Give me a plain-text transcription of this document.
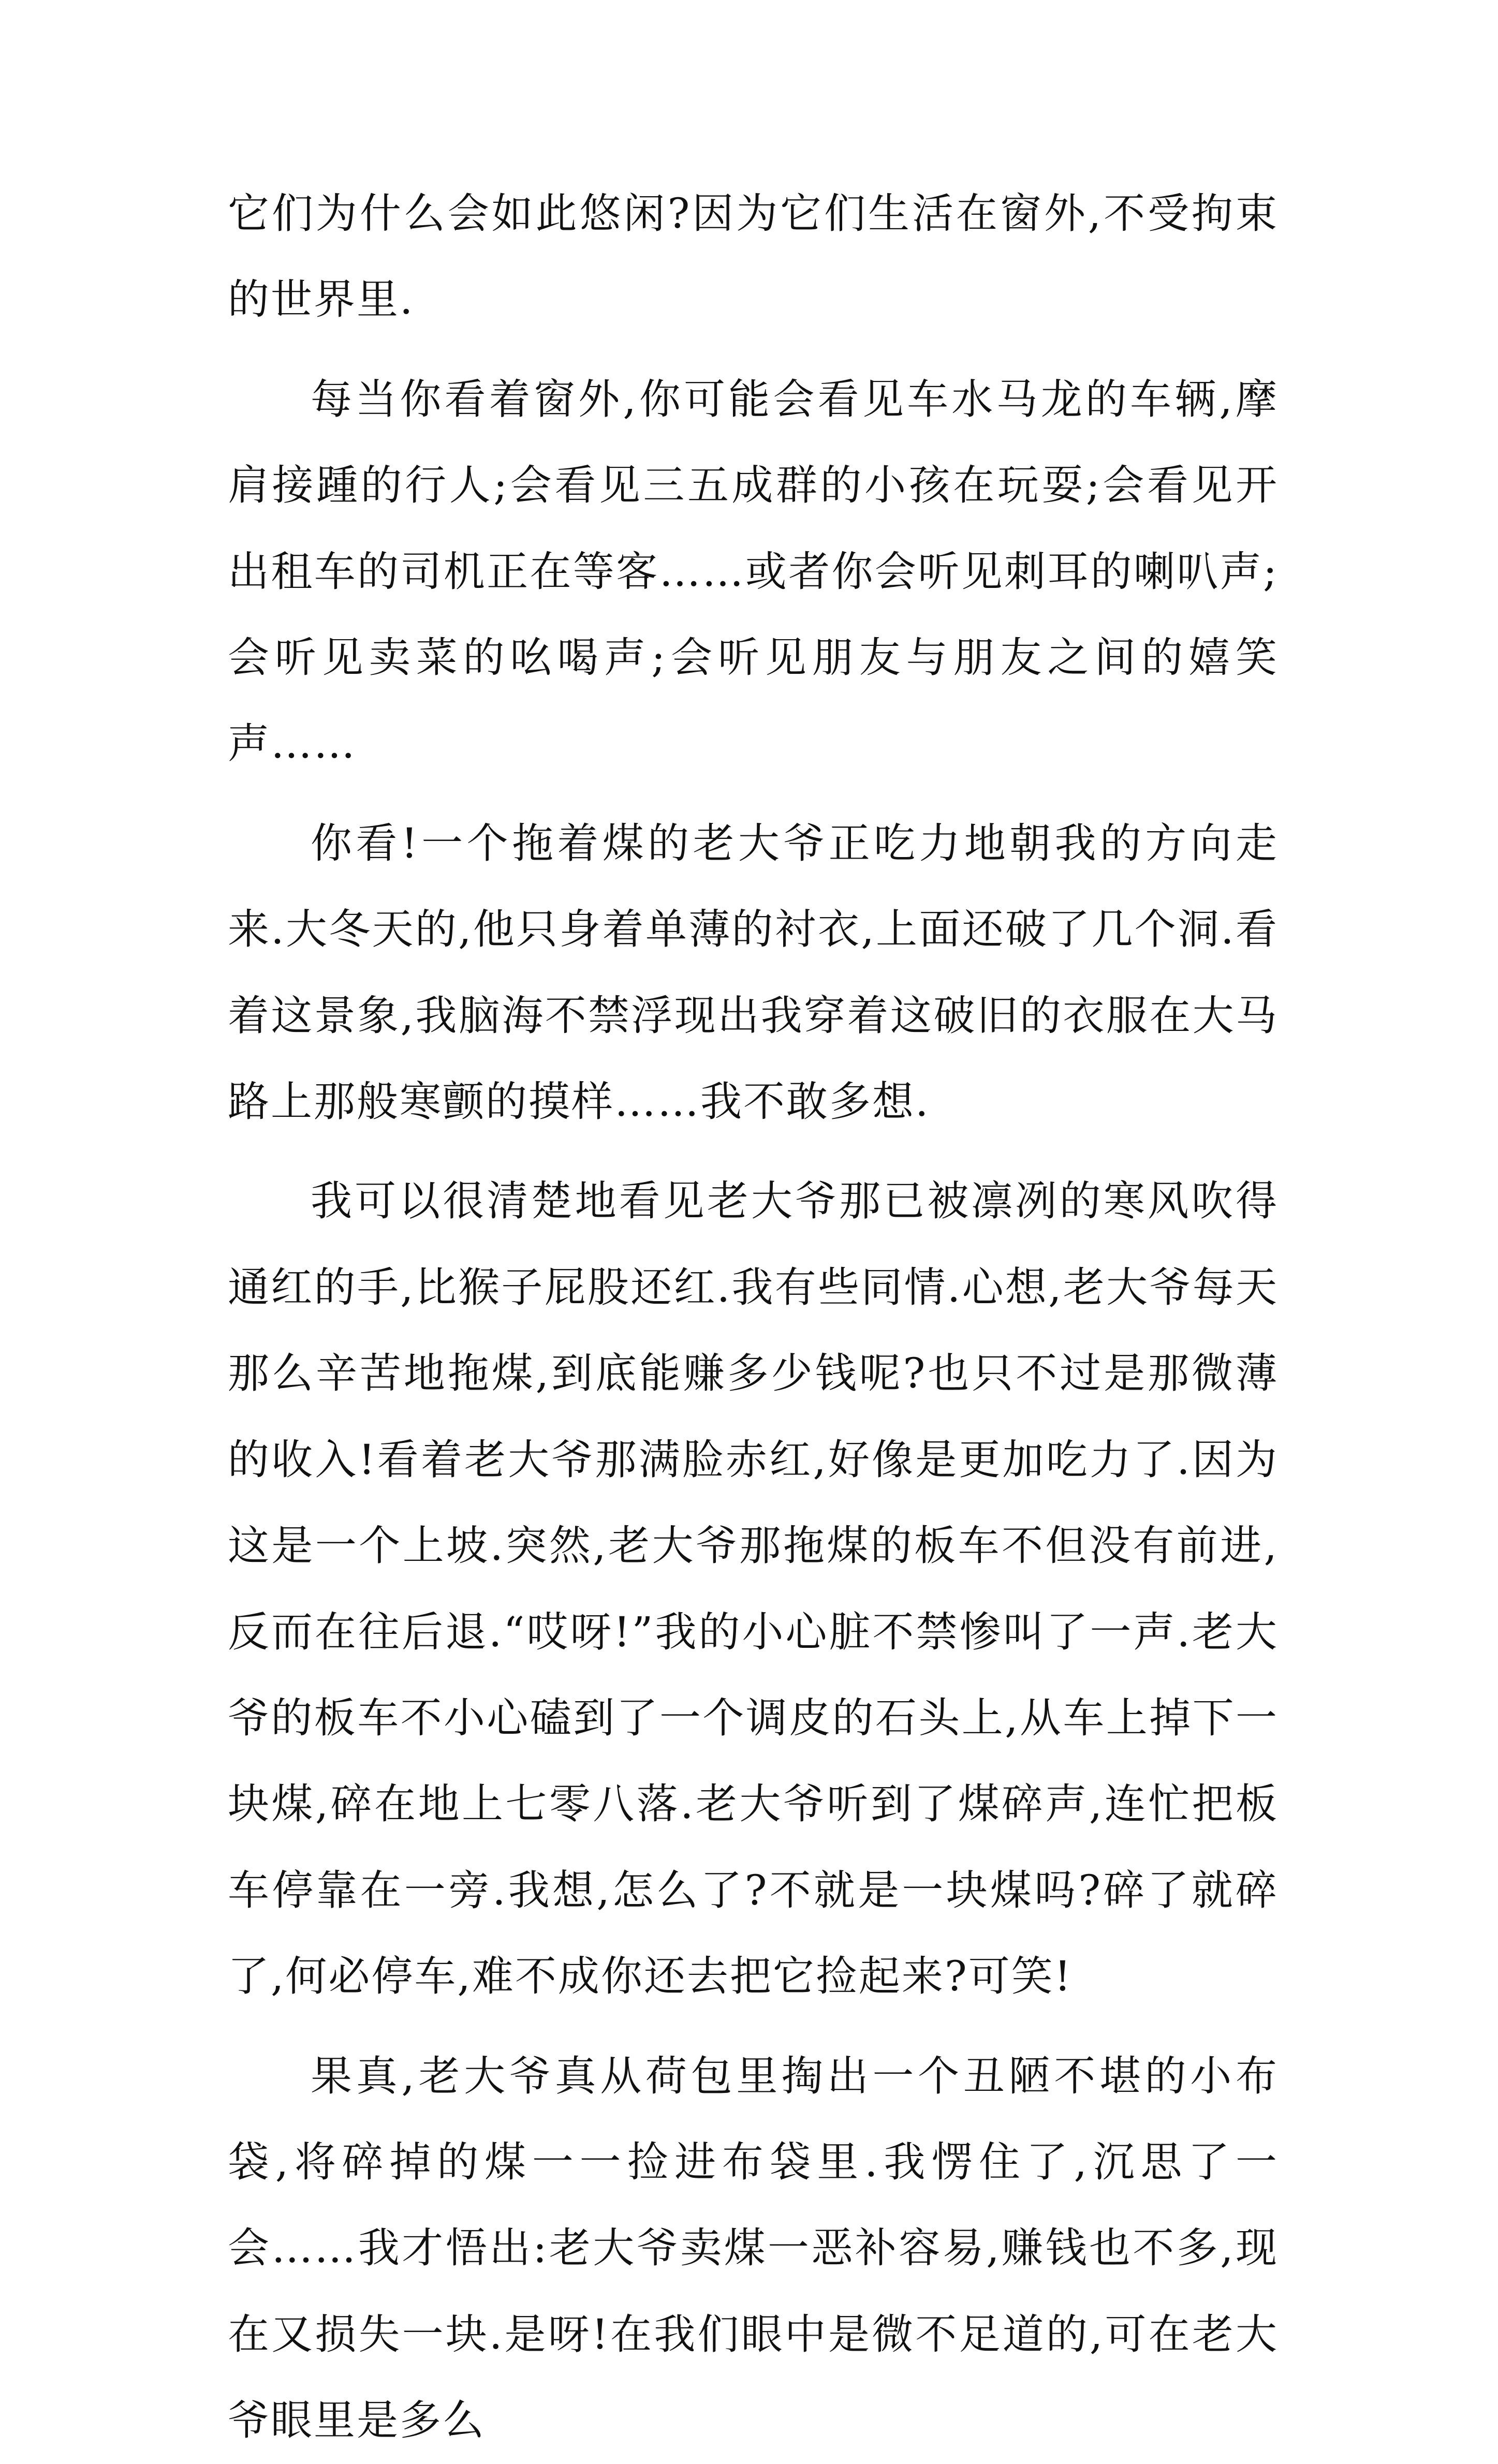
它们为什么会如此悠闲?因为它们生活在窗外,不受拘束的世界里.

每当你看着窗外,你可能会看见车水马龙的车辆,摩肩接踵的行人;会看见三五成群的小孩在玩耍;会看见开出租车的司机正在等客……或者你会听见刺耳的喇叭声;会听见卖菜的吆喝声;会听见朋友与朋友之间的嬉笑声……

你看!一个拖着煤的老大爷正吃力地朝我的方向走来.大冬天的,他只身着单薄的衬衣,上面还破了几个洞.看着这景象,我脑海不禁浮现出我穿着这破旧的衣服在大马路上那般寒颤的摸样……我不敢多想.

我可以很清楚地看见老大爷那已被凛冽的寒风吹得通红的手,比猴子屁股还红.我有些同情.心想,老大爷每天那么辛苦地拖煤,到底能赚多少钱呢?也只不过是那微薄的收入!看着老大爷那满脸赤红,好像是更加吃力了.因为这是一个上坡.突然,老大爷那拖煤的板车不但没有前进,反而在往后退.“哎呀!”我的小心脏不禁惨叫了一声.老大爷的板车不小心磕到了一个调皮的石头上,从车上掉下一块煤,碎在地上七零八落.老大爷听到了煤碎声,连忙把板车停靠在一旁.我想,怎么了?不就是一块煤吗?碎了就碎了,何必停车,难不成你还去把它捡起来?可笑!

果真,老大爷真从荷包里掏出一个丑陋不堪的小布袋,将碎掉的煤一一捡进布袋里.我愣住了,沉思了一会……我才悟出:老大爷卖煤一恶补容易,赚钱也不多,现在又损失一块.是呀!在我们眼中是微不足道的,可在老大爷眼里是多么
